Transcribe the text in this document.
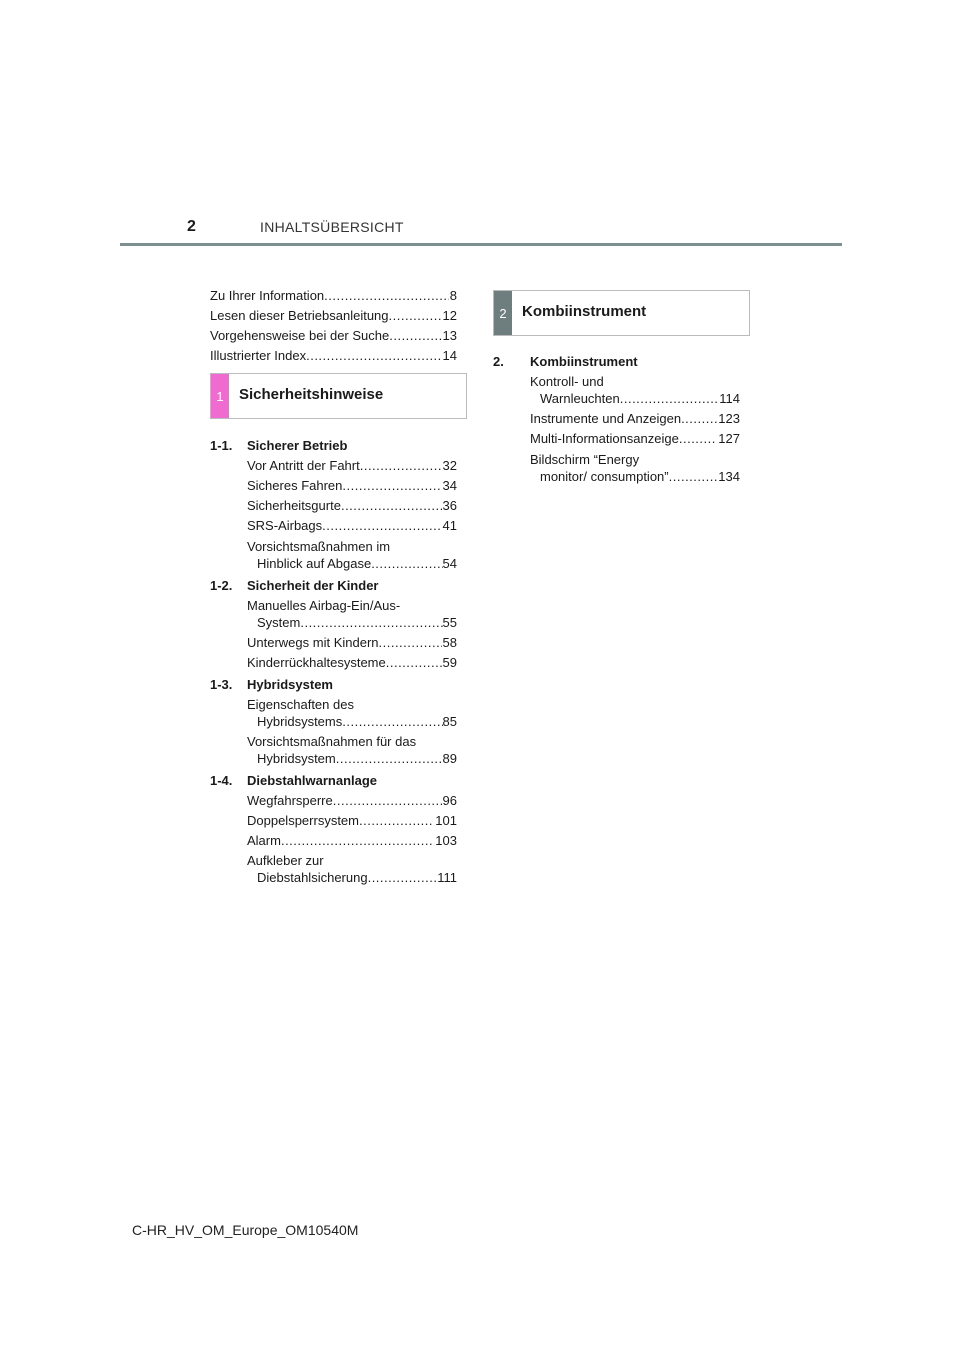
2	INHALTSÜBERSICHT
Zu Ihrer Information .....	8
Lesen dieser Betriebsanleitung .....	12
Vorgehensweise bei der Suche .....	13
Illustrierter Index .....	14
1	Sicherheitshinweise
1-1. Sicherer Betrieb
Vor Antritt der Fahrt .....	32
Sicheres Fahren .....	34
Sicherheitsgurte .....	36
SRS-Airbags .....	41
Vorsichtsmaßnahmen im
Hinblick auf Abgase .....	54
1-2. Sicherheit der Kinder
Manuelles Airbag-Ein/Aus-
System .....	55
Unterwegs mit Kindern .....	58
Kinderrückhaltesysteme .....	59
1-3. Hybridsystem
Eigenschaften des
Hybridsystems .....	85
Vorsichtsmaßnahmen für das
Hybridsystem .....	89
1-4. Diebstahlwarnanlage
Wegfahrsperre .....	96
Doppelsperrsystem .....	101
Alarm .....	103
Aufkleber zur
Diebstahlsicherung .....	111
2	Kombiinstrument
2. Kombiinstrument
Kontroll- und
Warnleuchten .....	114
Instrumente und Anzeigen .....	123
Multi-Informationsanzeige .....	127
Bildschirm “Energy
monitor/ consumption” .....	134
C-HR_HV_OM_Europe_OM10540M
